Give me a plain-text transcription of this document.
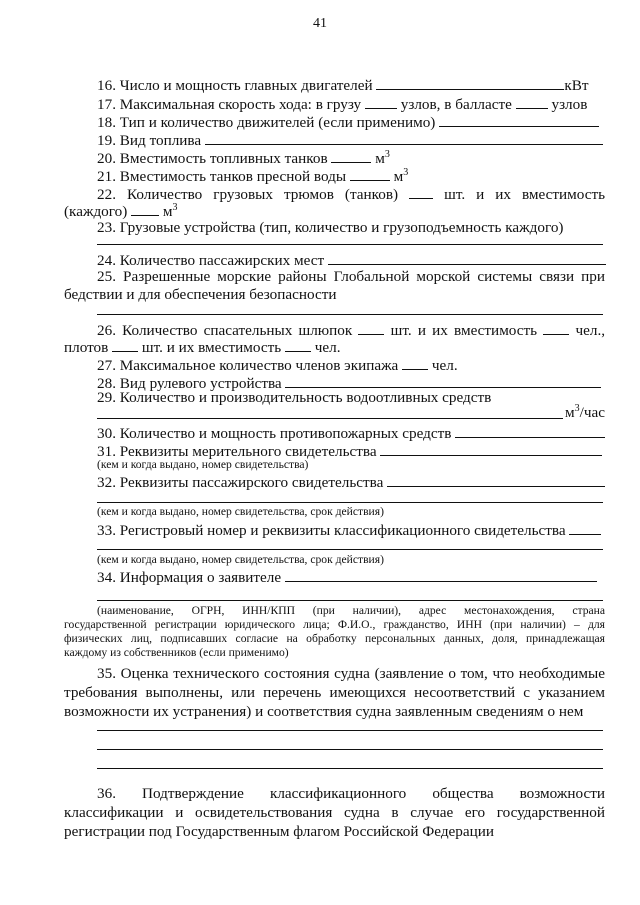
41
16. Число и мощность главных двигателей	кВт
17. Максимальная скорость хода: в грузу	узлов, в балласте	узлов
18. Тип и количество движителей (если применимо)
19. Вид топлива
20. Вместимость топливных танков	$м^3$
21. Вместимость танков пресной воды	$м^3$
22. Количество грузовых трюмов (танков)	шт. и их вместимость
(каждого) $м^3$
23. Грузовые устройства (тип, количество и грузоподъемность каждого)
24. Количество пассажирских мест
25. Разрешенные морские районы Глобальной морской системы связи при
бедствии и для обеспечения безопасности
26. Количество спасательных шлюпок	шт. и их вместимость	чел.,
плотов шт. и их вместимость чел.
27. Максимальное количество членов экипажа чел.
28. Вид рулевого устройства
29. Количество и производительность водоотливных средств
$м^3$/час
30. Количество и мощность противопожарных средств
31. Реквизиты мерительного свидетельства
(кем и когда выдано, номер свидетельства)
32. Реквизиты пассажирского свидетельства
(кем и когда выдано, номер свидетельства, срок действия)
33. Регистровый номер и реквизиты классификационного свидетельства
(кем и когда выдано, номер свидетельства, срок действия)
34. Информация о заявителе
(наименование, ОГРН, ИНН/КПП (при наличии), адрес местонахождения, страна
государственной регистрации юридического лица; Ф.И.О., гражданство, ИНН (при наличии) – для
физических лиц, подписавших согласие на обработку персональных данных, доля, принадлежащая
каждому из собственников (если применимо)
35. Оценка технического состояния судна (заявление о том, что необходимые
требования выполнены, или перечень имеющихся несоответствий с указанием
возможности их устранения) и соответствия судна заявленным сведениям о нем
36. Подтверждение классификационного общества возможности
классификации и освидетельствования судна в случае его государственной
регистрации под Государственным флагом Российской Федерации
